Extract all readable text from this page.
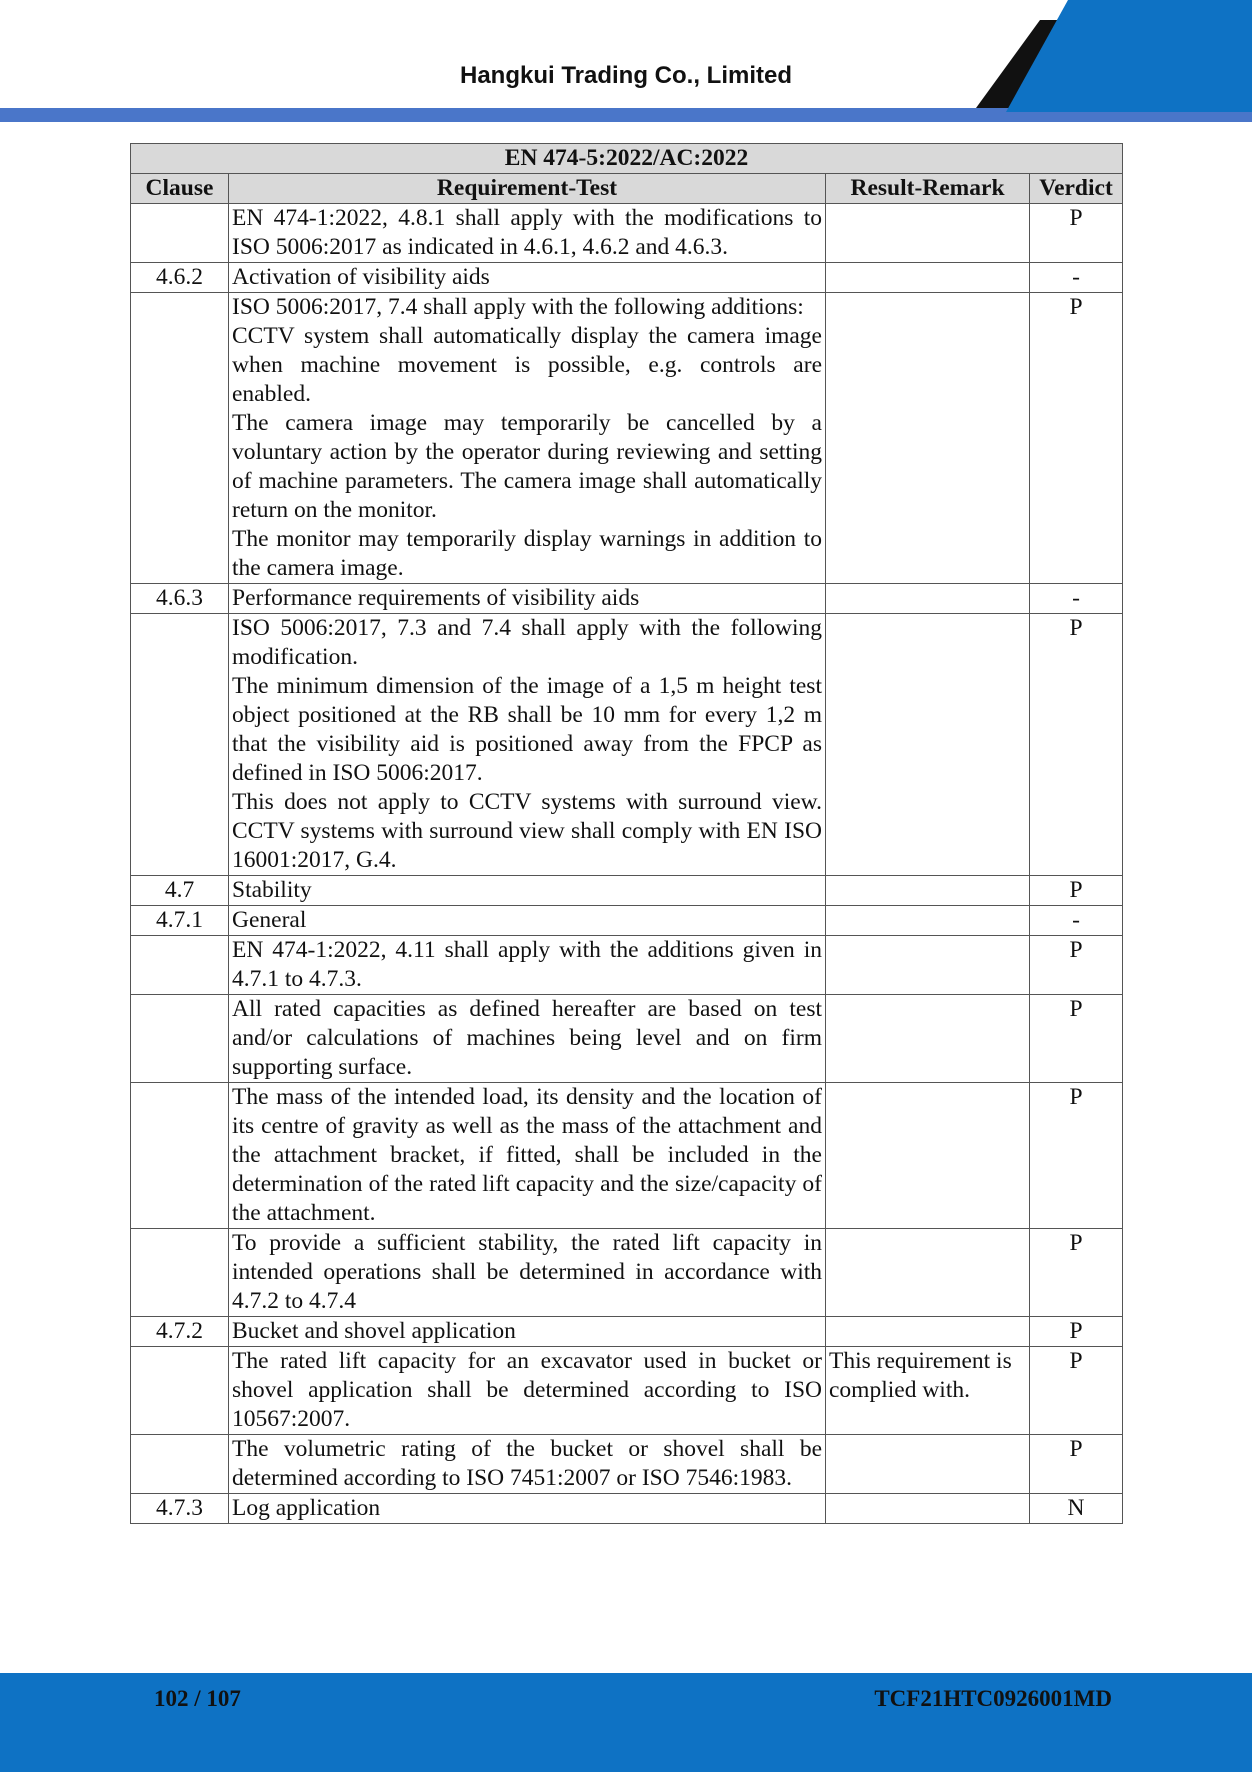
Hangkui Trading Co., Limited
EN 474-5:2022/AC:2022			
Clause	Requirement-Test	Result-Remark	Verdict

	EN 474-1:2022, 4.8.1 shall apply with the modifications to ISO 5006:2017 as indicated in 4.6.1, 4.6.2 and 4.6.3.		P
4.6.2	Activation of visibility aids		-

	ISO 5006:2017, 7.4 shall apply with the following additions:
CCTV system shall automatically display the camera image when machine movement is possible, e.g. controls are enabled.
The camera image may temporarily be cancelled by a voluntary action by the operator during reviewing and setting of machine parameters. The camera image shall automatically return on the monitor.
The monitor may temporarily display warnings in addition to the camera image.		P
4.6.3	Performance requirements of visibility aids		-

	ISO 5006:2017, 7.3 and 7.4 shall apply with the following modification.
The minimum dimension of the image of a 1,5 m height test object positioned at the RB shall be 10 mm for every 1,2 m that the visibility aid is positioned away from the FPCP as defined in ISO 5006:2017.
This does not apply to CCTV systems with surround view. CCTV systems with surround view shall comply with EN ISO 16001:2017, G.4.		P
4.7	Stability		P
4.7.1	General		-

	EN 474-1:2022, 4.11 shall apply with the additions given in 4.7.1 to 4.7.3.		P

	All rated capacities as defined hereafter are based on test and/or calculations of machines being level and on firm supporting surface.		P

	The mass of the intended load, its density and the location of its centre of gravity as well as the mass of the attachment and the attachment bracket, if fitted, shall be included in the determination of the rated lift capacity and the size/capacity of the attachment.		P

	To provide a sufficient stability, the rated lift capacity in intended operations shall be determined in accordance with 4.7.2 to 4.7.4		P
4.7.2	Bucket and shovel application		P

	The rated lift capacity for an excavator used in bucket or shovel application shall be determined according to ISO 10567:2007.	This requirement is complied with.	P

	The volumetric rating of the bucket or shovel shall be determined according to ISO 7451:2007 or ISO 7546:1983.		P
4.7.3	Log application		N
102 / 107	TCF21HTC0926001MD
